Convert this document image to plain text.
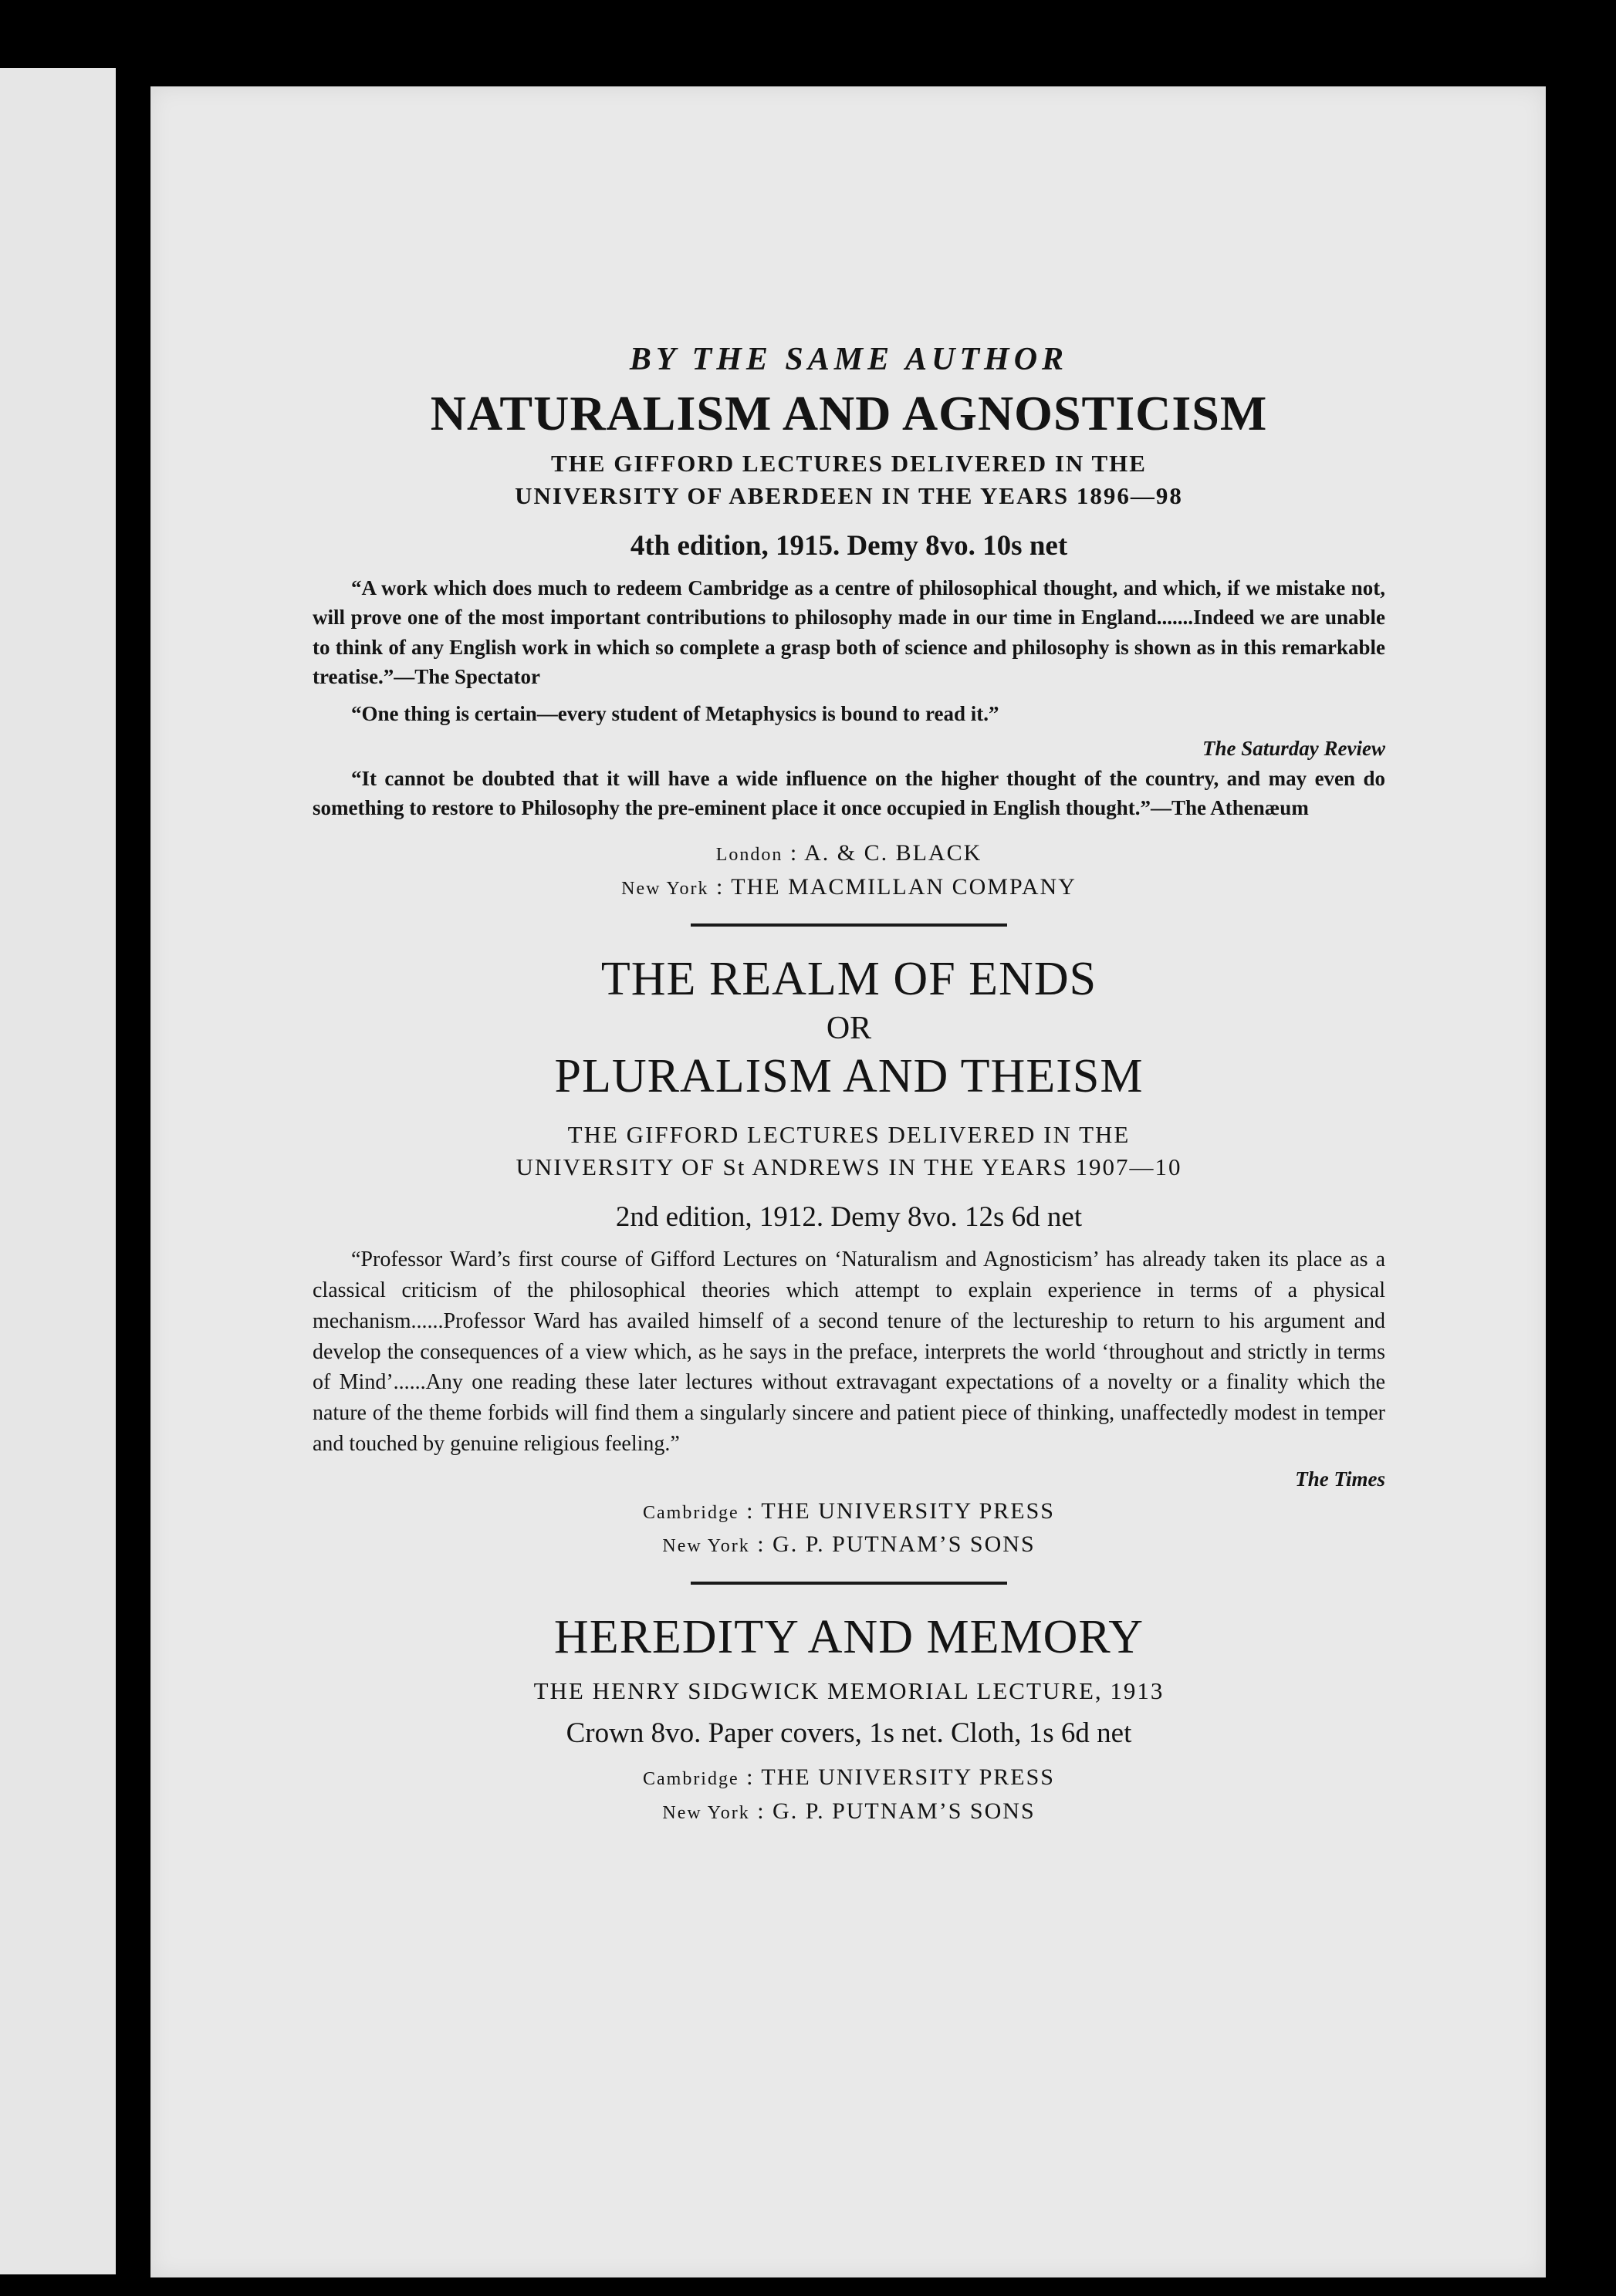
BY THE SAME AUTHOR
NATURALISM AND AGNOSTICISM
THE GIFFORD LECTURES DELIVERED IN THE
UNIVERSITY OF ABERDEEN IN THE YEARS 1896—98
4th edition, 1915. Demy 8vo. 10s net

“A work which does much to redeem Cambridge as a centre of philosophical thought, and which, if we mistake not, will prove one of the most important contributions to philosophy made in our time in England.......Indeed we are unable to think of any English work in which so complete a grasp both of science and philosophy is shown as in this remarkable treatise.”—The Spectator

“One thing is certain—every student of Metaphysics is bound to read it.”

The Saturday Review

“It cannot be doubted that it will have a wide influence on the higher thought of the country, and may even do something to restore to Philosophy the pre-eminent place it once occupied in English thought.”—The Athenæum

London : A. & C. BLACK
New York : THE MACMILLAN COMPANY
THE REALM OF ENDS
OR
PLURALISM AND THEISM
THE GIFFORD LECTURES DELIVERED IN THE
UNIVERSITY OF St ANDREWS IN THE YEARS 1907—10
2nd edition, 1912. Demy 8vo. 12s 6d net

“Professor Ward’s first course of Gifford Lectures on ‘Naturalism and Agnosticism’ has already taken its place as a classical criticism of the philosophical theories which attempt to explain experience in terms of a physical mechanism......Professor Ward has availed himself of a second tenure of the lectureship to return to his argument and develop the consequences of a view which, as he says in the preface, interprets the world ‘throughout and strictly in terms of Mind’......Any one reading these later lectures without extravagant expectations of a novelty or a finality which the nature of the theme forbids will find them a singularly sincere and patient piece of thinking, unaffectedly modest in temper and touched by genuine religious feeling.”

The Times

Cambridge : THE UNIVERSITY PRESS
New York : G. P. PUTNAM’S SONS
HEREDITY AND MEMORY
THE HENRY SIDGWICK MEMORIAL LECTURE, 1913
Crown 8vo. Paper covers, 1s net. Cloth, 1s 6d net
Cambridge : THE UNIVERSITY PRESS
New York : G. P. PUTNAM’S SONS
